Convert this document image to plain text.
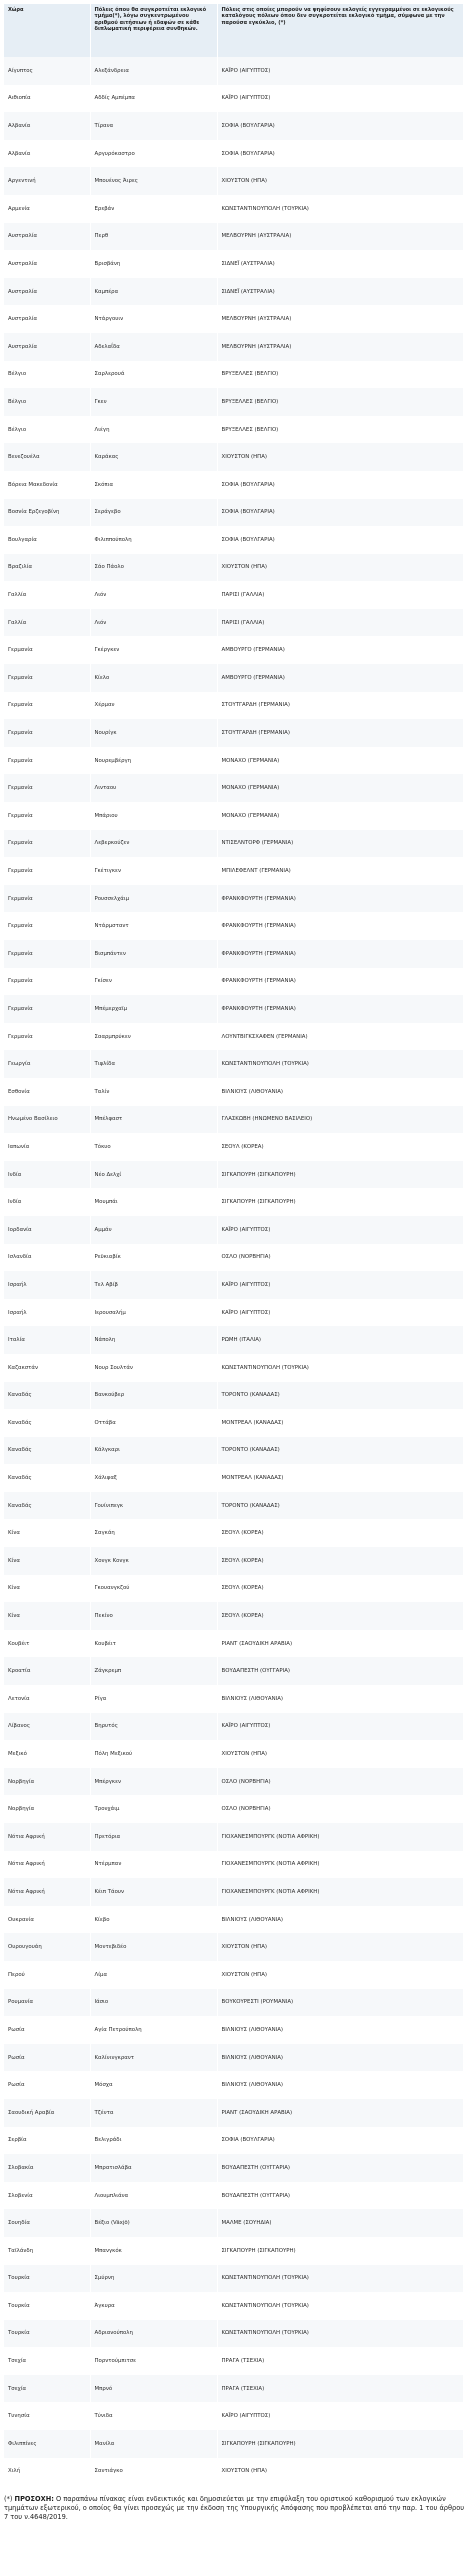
Χώρα	Πόλεις όπου θα συγκροτείται εκλογικό τμήμα(*), λόγω συγκεντρωμένου αριθμού αιτήσεων ή εδαφών σε κάθε διπλωματική περιφέρεια συνθηκών.	Πόλεις στις οποίες μπορούν να ψηφίσουν εκλογείς εγγεγραμμένοι σε εκλογικούς καταλόγους πόλεων όπου δεν συγκροτείται εκλογικό τμήμα, σύμφωνα με την παρούσα εγκύκλιο, (*)
Αίγυπτος	Αλεξάνδρεια	ΚΑΪΡΟ (ΑΙΓΥΠΤΟΣ)
Αιθιοπία	Αδδίς Αμπέμπα	ΚΑΪΡΟ (ΑΙΓΥΠΤΟΣ)
Αλβανία	Τίρανα	ΣΟΦΙΑ (ΒΟΥΛΓΑΡΙΑ)
Αλβανία	Αργυρόκαστρο	ΣΟΦΙΑ (ΒΟΥΛΓΑΡΙΑ)
Αργεντινή	Μπουένος Άιρες	ΧΙΟΥΣΤΟΝ (ΗΠΑ)
Αρμενία	Ερεβάν	ΚΩΝΣΤΑΝΤΙΝΟΥΠΟΛΗ (ΤΟΥΡΚΙΑ)
Αυστραλία	Περθ	ΜΕΛΒΟΥΡΝΗ (ΑΥΣΤΡΑΛΙΑ)
Αυστραλία	Βρισβάνη	ΣΙΔΝΕΪ (ΑΥΣΤΡΑΛΙΑ)
Αυστραλία	Καμπέρα	ΣΙΔΝΕΪ (ΑΥΣΤΡΑΛΙΑ)
Αυστραλία	Ντάργουιν	ΜΕΛΒΟΥΡΝΗ (ΑΥΣΤΡΑΛΙΑ)
Αυστραλία	Αδελαΐδα	ΜΕΛΒΟΥΡΝΗ (ΑΥΣΤΡΑΛΙΑ)
Βέλγιο	Σαρλερουά	ΒΡΥΞΕΛΛΕΣ (ΒΕΛΓΙΟ)
Βέλγιο	Γκεν	ΒΡΥΞΕΛΛΕΣ (ΒΕΛΓΙΟ)
Βέλγιο	Λιέγη	ΒΡΥΞΕΛΛΕΣ (ΒΕΛΓΙΟ)
Βενεζουέλα	Καράκας	ΧΙΟΥΣΤΟΝ (ΗΠΑ)
Βόρεια Μακεδονία	Σκόπια	ΣΟΦΙΑ (ΒΟΥΛΓΑΡΙΑ)
Βοσνία Ερζεγοβίνη	Σεράγεβο	ΣΟΦΙΑ (ΒΟΥΛΓΑΡΙΑ)
Βουλγαρία	Φιλιππούπολη	ΣΟΦΙΑ (ΒΟΥΛΓΑΡΙΑ)
Βραζιλία	Σάο Πάολο	ΧΙΟΥΣΤΟΝ (ΗΠΑ)
Γαλλία	Λιόν	ΠΑΡΙΣΙ (ΓΑΛΛΙΑ)
Γαλλία	Λιόν	ΠΑΡΙΣΙ (ΓΑΛΛΙΑ)
Γερμανία	Γκέργκεν	ΑΜΒΟΥΡΓΟ (ΓΕΡΜΑΝΙΑ)
Γερμανία	Κίελο	ΑΜΒΟΥΡΓΟ (ΓΕΡΜΑΝΙΑ)
Γερμανία	Χέρμαν	ΣΤΟΥΤΓΑΡΔΗ (ΓΕΡΜΑΝΙΑ)
Γερμανία	Νουρίγκ	ΣΤΟΥΤΓΑΡΔΗ (ΓΕΡΜΑΝΙΑ)
Γερμανία	Νουρεμβέργη	ΜΟΝΑΧΟ (ΓΕΡΜΑΝΙΑ)
Γερμανία	Λινταου	ΜΟΝΑΧΟ (ΓΕΡΜΑΝΙΑ)
Γερμανία	Μπάριου	ΜΟΝΑΧΟ (ΓΕΡΜΑΝΙΑ)
Γερμανία	Λεβερκούζεν	ΝΤΙΣΕΛΝΤΟΡΦ (ΓΕΡΜΑΝΙΑ)
Γερμανία	Γκέτιγκεν	ΜΠΙΛΕΦΕΛΝΤ (ΓΕΡΜΑΝΙΑ)
Γερμανία	Ρουσσελχάιμ	ΦΡΑΝΚΦΟΥΡΤΗ (ΓΕΡΜΑΝΙΑ)
Γερμανία	Ντάρμσταντ	ΦΡΑΝΚΦΟΥΡΤΗ (ΓΕΡΜΑΝΙΑ)
Γερμανία	Βισμπάντεν	ΦΡΑΝΚΦΟΥΡΤΗ (ΓΕΡΜΑΝΙΑ)
Γερμανία	Γκίσεν	ΦΡΑΝΚΦΟΥΡΤΗ (ΓΕΡΜΑΝΙΑ)
Γερμανία	Μπέμερχαϊμ	ΦΡΑΝΚΦΟΥΡΤΗ (ΓΕΡΜΑΝΙΑ)
Γερμανία	Σααρμπρύκεν	ΛΟΥΝΤΒΙΓΚΣΧΑΦΕΝ (ΓΕΡΜΑΝΙΑ)
Γεωργία	Τιφλίδα	ΚΩΝΣΤΑΝΤΙΝΟΥΠΟΛΗ (ΤΟΥΡΚΙΑ)
Εσθονία	Ταλίν	ΒΙΛΝΙΟΥΣ (ΛΙΘΟΥΑΝΙΑ)
Ηνωμένο Βασίλειο	Μπέλφαστ	ΓΛΑΣΚΩΒΗ (ΗΝΩΜΕΝΟ ΒΑΣΙΛΕΙΟ)
Ιαπωνία	Τόκυο	ΣΕΟΥΛ (ΚΟΡΕΑ)
Ινδία	Νέο Δελχί	ΣΙΓΚΑΠΟΥΡΗ (ΣΙΓΚΑΠΟΥΡΗ)
Ινδία	Μουμπάι	ΣΙΓΚΑΠΟΥΡΗ (ΣΙΓΚΑΠΟΥΡΗ)
Ιορδανία	Αμμάν	ΚΑΪΡΟ (ΑΙΓΥΠΤΟΣ)
Ισλανδία	Ρεϋκιαβίκ	ΟΣΛΟ (ΝΟΡΒΗΓΙΑ)
Ισραήλ	Τελ Αβίβ	ΚΑΪΡΟ (ΑΙΓΥΠΤΟΣ)
Ισραήλ	Ιερουσαλήμ	ΚΑΪΡΟ (ΑΙΓΥΠΤΟΣ)
Ιταλία	Νάπολη	ΡΩΜΗ (ΙΤΑΛΙΑ)
Καζακστάν	Νουρ Σουλτάν	ΚΩΝΣΤΑΝΤΙΝΟΥΠΟΛΗ (ΤΟΥΡΚΙΑ)
Καναδάς	Βανκούβερ	ΤΟΡΟΝΤΟ (ΚΑΝΑΔΑΣ)
Καναδάς	Οττάβα	ΜΟΝΤΡΕΑΛ (ΚΑΝΑΔΑΣ)
Καναδάς	Κάλγκαρι	ΤΟΡΟΝΤΟ (ΚΑΝΑΔΑΣ)
Καναδάς	Χάλιφαξ	ΜΟΝΤΡΕΑΛ (ΚΑΝΑΔΑΣ)
Καναδάς	Γουίνιπεγκ	ΤΟΡΟΝΤΟ (ΚΑΝΑΔΑΣ)
Κίνα	Σαγκάη	ΣΕΟΥΛ (ΚΟΡΕΑ)
Κίνα	Χονγκ Κονγκ	ΣΕΟΥΛ (ΚΟΡΕΑ)
Κίνα	Γκουανγκζού	ΣΕΟΥΛ (ΚΟΡΕΑ)
Κίνα	Πεκίνο	ΣΕΟΥΛ (ΚΟΡΕΑ)
Κουβέιτ	Κουβέιτ	ΡΙΑΝΤ (ΣΑΟΥΔΙΚΗ ΑΡΑΒΙΑ)
Κροατία	Ζάγκρεμπ	ΒΟΥΔΑΠΕΣΤΗ (ΟΥΓΓΑΡΙΑ)
Λετονία	Ρίγα	ΒΙΛΝΙΟΥΣ (ΛΙΘΟΥΑΝΙΑ)
Λίβανος	Βηρυτός	ΚΑΪΡΟ (ΑΙΓΥΠΤΟΣ)
Μεξικό	Πόλη Μεξικού	ΧΙΟΥΣΤΟΝ (ΗΠΑ)
Νορβηγία	Μπέργκεν	ΟΣΛΟ (ΝΟΡΒΗΓΙΑ)
Νορβηγία	Τρονχάιμ	ΟΣΛΟ (ΝΟΡΒΗΓΙΑ)
Νότια Αφρική	Πρετόρια	ΓΙΟΧΑΝΕΣΜΠΟΥΡΓΚ (ΝΟΤΙΑ ΑΦΡΙΚΗ)
Νότια Αφρική	Ντέρμπαν	ΓΙΟΧΑΝΕΣΜΠΟΥΡΓΚ (ΝΟΤΙΑ ΑΦΡΙΚΗ)
Νότια Αφρική	Κέιπ Τάουν	ΓΙΟΧΑΝΕΣΜΠΟΥΡΓΚ (ΝΟΤΙΑ ΑΦΡΙΚΗ)
Ουκρανία	Κίεβο	ΒΙΛΝΙΟΥΣ (ΛΙΘΟΥΑΝΙΑ)
Ουρουγουάη	Μοντεβιδέο	ΧΙΟΥΣΤΟΝ (ΗΠΑ)
Περού	Λίμα	ΧΙΟΥΣΤΟΝ (ΗΠΑ)
Ρουμανία	Ιάσιο	ΒΟΥΚΟΥΡΕΣΤΙ (ΡΟΥΜΑΝΙΑ)
Ρωσία	Αγία Πετρούπολη	ΒΙΛΝΙΟΥΣ (ΛΙΘΟΥΑΝΙΑ)
Ρωσία	Καλίνινγκραντ	ΒΙΛΝΙΟΥΣ (ΛΙΘΟΥΑΝΙΑ)
Ρωσία	Μόσχα	ΒΙΛΝΙΟΥΣ (ΛΙΘΟΥΑΝΙΑ)
Σαουδική Αραβία	Τζέντα	ΡΙΑΝΤ (ΣΑΟΥΔΙΚΗ ΑΡΑΒΙΑ)
Σερβία	Βελιγράδι	ΣΟΦΙΑ (ΒΟΥΛΓΑΡΙΑ)
Σλοβακία	Μπρατισλάβα	ΒΟΥΔΑΠΕΣΤΗ (ΟΥΓΓΑΡΙΑ)
Σλοβενία	Λιουμπλιάνα	ΒΟΥΔΑΠΕΣΤΗ (ΟΥΓΓΑΡΙΑ)
Σουηδία	Βέξιο (Växjö)	ΜΑΛΜΕ (ΣΟΥΗΔΙΑ)
Ταϊλάνδη	Μπανγκόκ	ΣΙΓΚΑΠΟΥΡΗ (ΣΙΓΚΑΠΟΥΡΗ)
Τουρκία	Σμύρνη	ΚΩΝΣΤΑΝΤΙΝΟΥΠΟΛΗ (ΤΟΥΡΚΙΑ)
Τουρκία	Άγκυρα	ΚΩΝΣΤΑΝΤΙΝΟΥΠΟΛΗ (ΤΟΥΡΚΙΑ)
Τουρκία	Αδριανούπολη	ΚΩΝΣΤΑΝΤΙΝΟΥΠΟΛΗ (ΤΟΥΡΚΙΑ)
Τσεχία	Πορντούμπιτσε	ΠΡΑΓΑ (ΤΣΕΧΙΑ)
Τσεχία	Μπρνό	ΠΡΑΓΑ (ΤΣΕΧΙΑ)
Τυνησία	Τύνιδα	ΚΑΪΡΟ (ΑΙΓΥΠΤΟΣ)
Φιλιππίνες	Μανίλα	ΣΙΓΚΑΠΟΥΡΗ (ΣΙΓΚΑΠΟΥΡΗ)
Χιλή	Σαντιάγκο	ΧΙΟΥΣΤΟΝ (ΗΠΑ)
(*) ΠΡΟΣΟΧΗ: Ο παραπάνω πίνακας είναι ενδεικτικός και δημοσιεύεται με την επιφύλαξη του οριστικού καθορισμού των εκλογικών τμημάτων εξωτερικού, ο οποίος θα γίνει προσεχώς με την έκδοση της Υπουργικής Απόφασης που προβλέπεται από την παρ. 1 του άρθρου 7 του ν.4648/2019.
